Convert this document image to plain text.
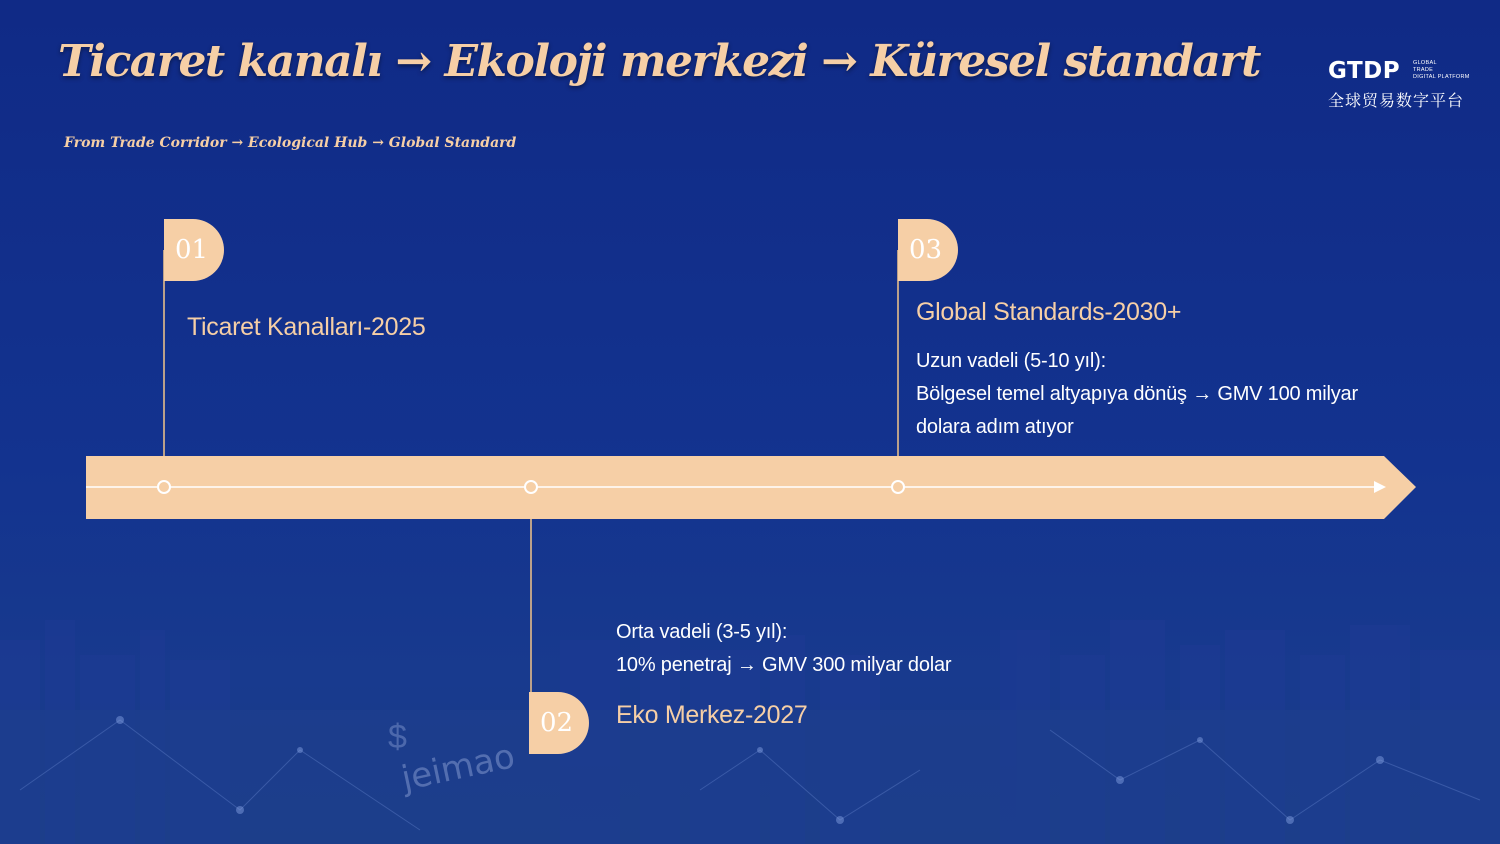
$
jeimao
Ticaret kanalı → Ekoloji merkezi → Küresel standart
From Trade Corridor → Ecological Hub → Global Standard
GTDP GLOBAL
TRADE
DIGITAL PLATFORM
全球贸易数字平台
01
Ticaret Kanalları-2025
03
Global Standards-2030+
Uzun vadeli (5-10 yıl):
Bölgesel temel altyapıya dönüş → GMV 100 milyar
dolara adım atıyor
02
Orta vadeli (3-5 yıl):
10% penetraj → GMV 300 milyar dolar
Eko Merkez-2027
